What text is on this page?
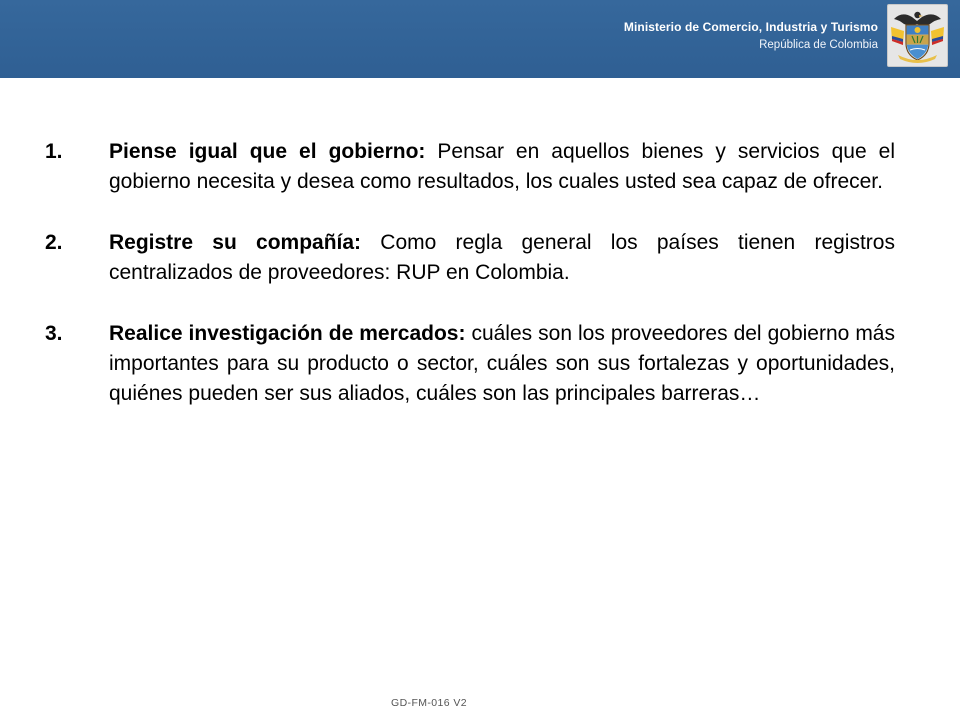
Ministerio de Comercio, Industria y Turismo
República de Colombia
1.	Piense igual que el gobierno: Pensar en aquellos bienes y servicios que el gobierno necesita y desea como resultados, los cuales usted sea capaz de ofrecer.
2.	Registre su compañía: Como regla general los países tienen registros centralizados de proveedores: RUP en Colombia.
3.	Realice investigación de mercados: cuáles son los proveedores del gobierno más importantes para su producto o sector, cuáles son sus fortalezas y oportunidades, quiénes pueden ser sus aliados, cuáles son las principales barreras…
GD-FM-016 V2
